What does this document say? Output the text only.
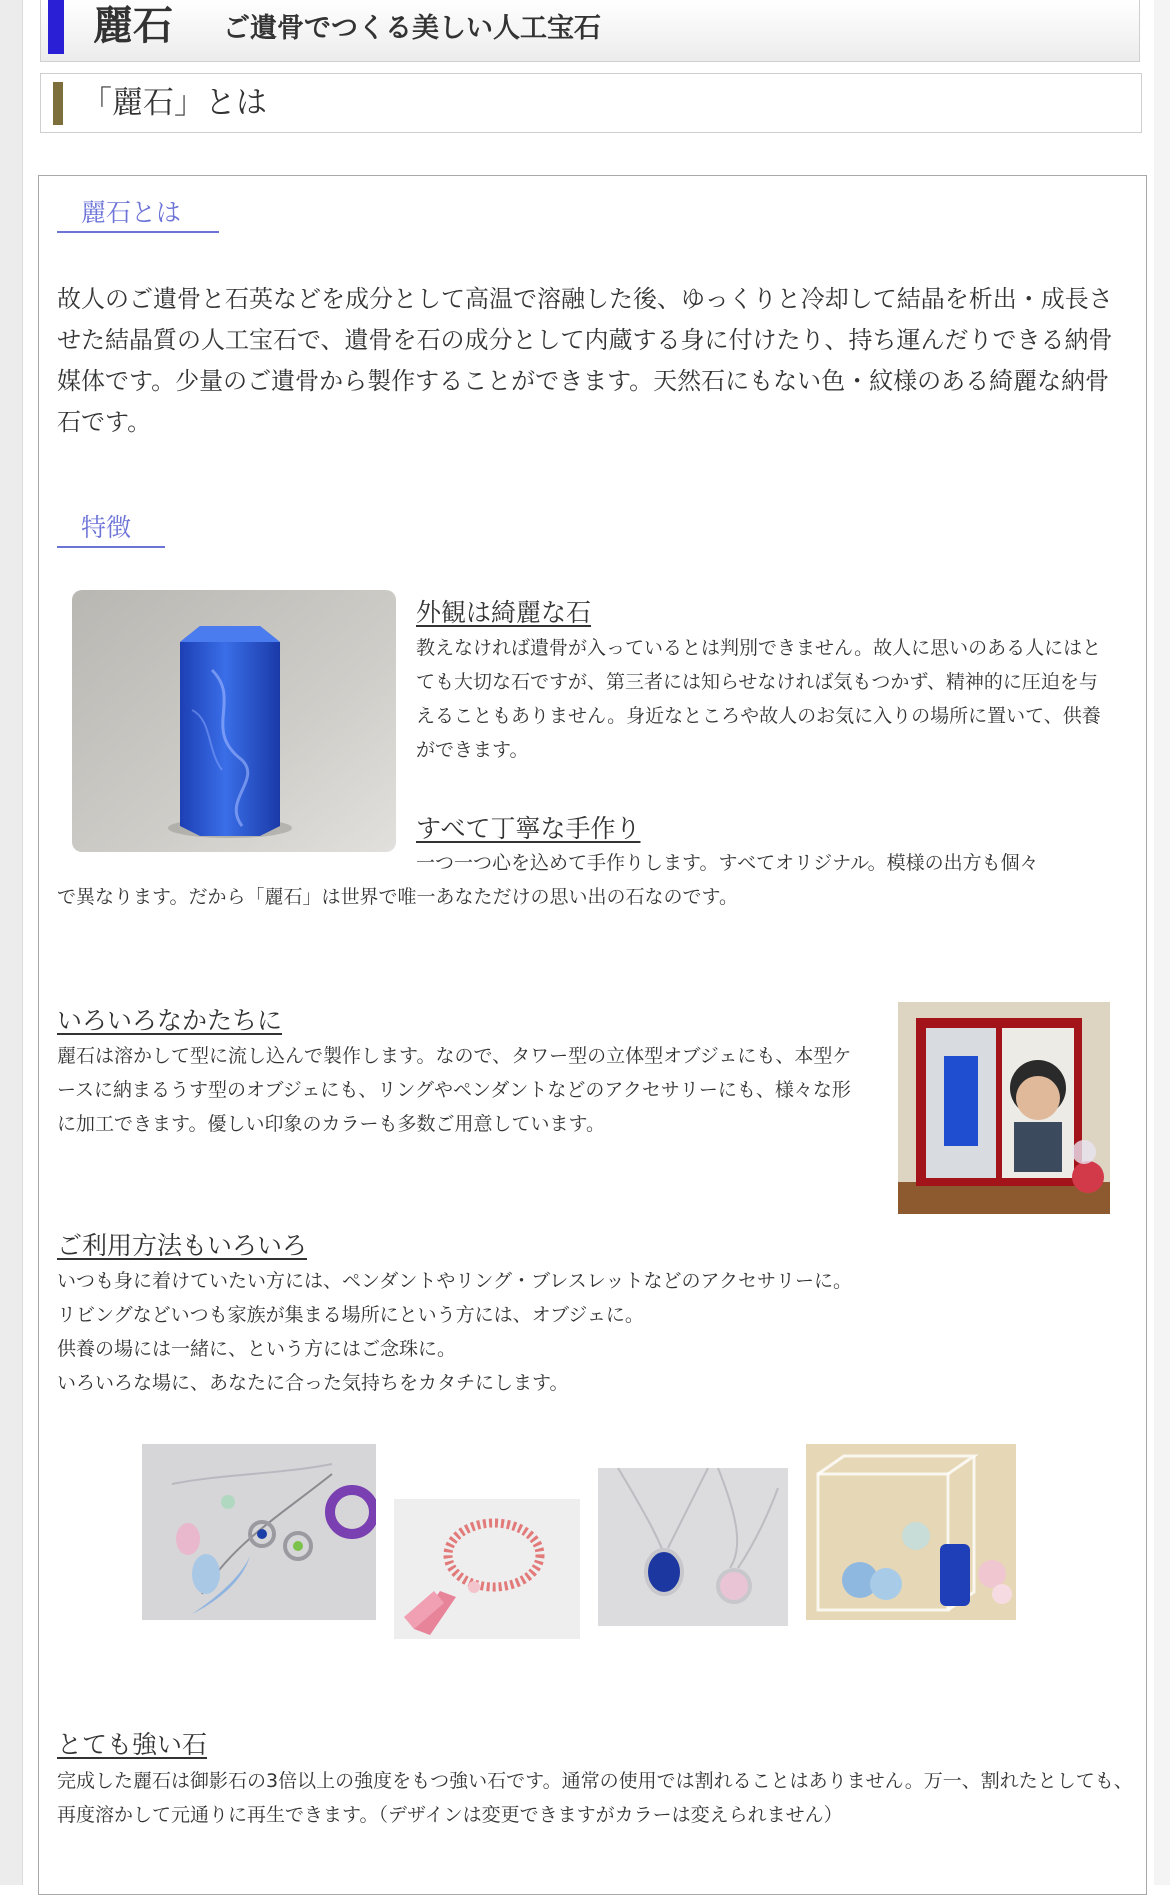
麗石 ご遺骨でつくる美しい人工宝石
「麗石」とは
麗石とは
故人のご遺骨と石英などを成分として高温で溶融した後、ゆっくりと冷却して結晶を析出・成長させた結晶質の人工宝石で、遺骨を石の成分として内蔵する身に付けたり、持ち運んだりできる納骨媒体です。少量のご遺骨から製作することができます。天然石にもない色・紋様のある綺麗な納骨石です。
特徴
外観は綺麗な石
教えなければ遺骨が入っているとは判別できません。故人に思いのある人にはとても大切な石ですが、第三者には知らせなければ気もつかず、精神的に圧迫を与えることもありません。身近なところや故人のお気に入りの場所に置いて、供養ができます。
すべて丁寧な手作り
一つ一つ心を込めて手作りします。すべてオリジナル。模様の出方も個々
で異なります。だから「麗石」は世界で唯一あなただけの思い出の石なのです。
いろいろなかたちに
麗石は溶かして型に流し込んで製作します。なので、タワー型の立体型オブジェにも、本型ケースに納まるうす型のオブジェにも、リングやペンダントなどのアクセサリーにも、様々な形に加工できます。優しい印象のカラーも多数ご用意しています。
ご利用方法もいろいろ
いつも身に着けていたい方には、ペンダントやリング・ブレスレットなどのアクセサリーに。
リビングなどいつも家族が集まる場所にという方には、オブジェに。
供養の場には一緒に、という方にはご念珠に。
いろいろな場に、あなたに合った気持ちをカタチにします。
とても強い石
完成した麗石は御影石の3倍以上の強度をもつ強い石です。通常の使用では割れることはありません。万一、割れたとしても、再度溶かして元通りに再生できます。（デザインは変更できますがカラーは変えられません）
